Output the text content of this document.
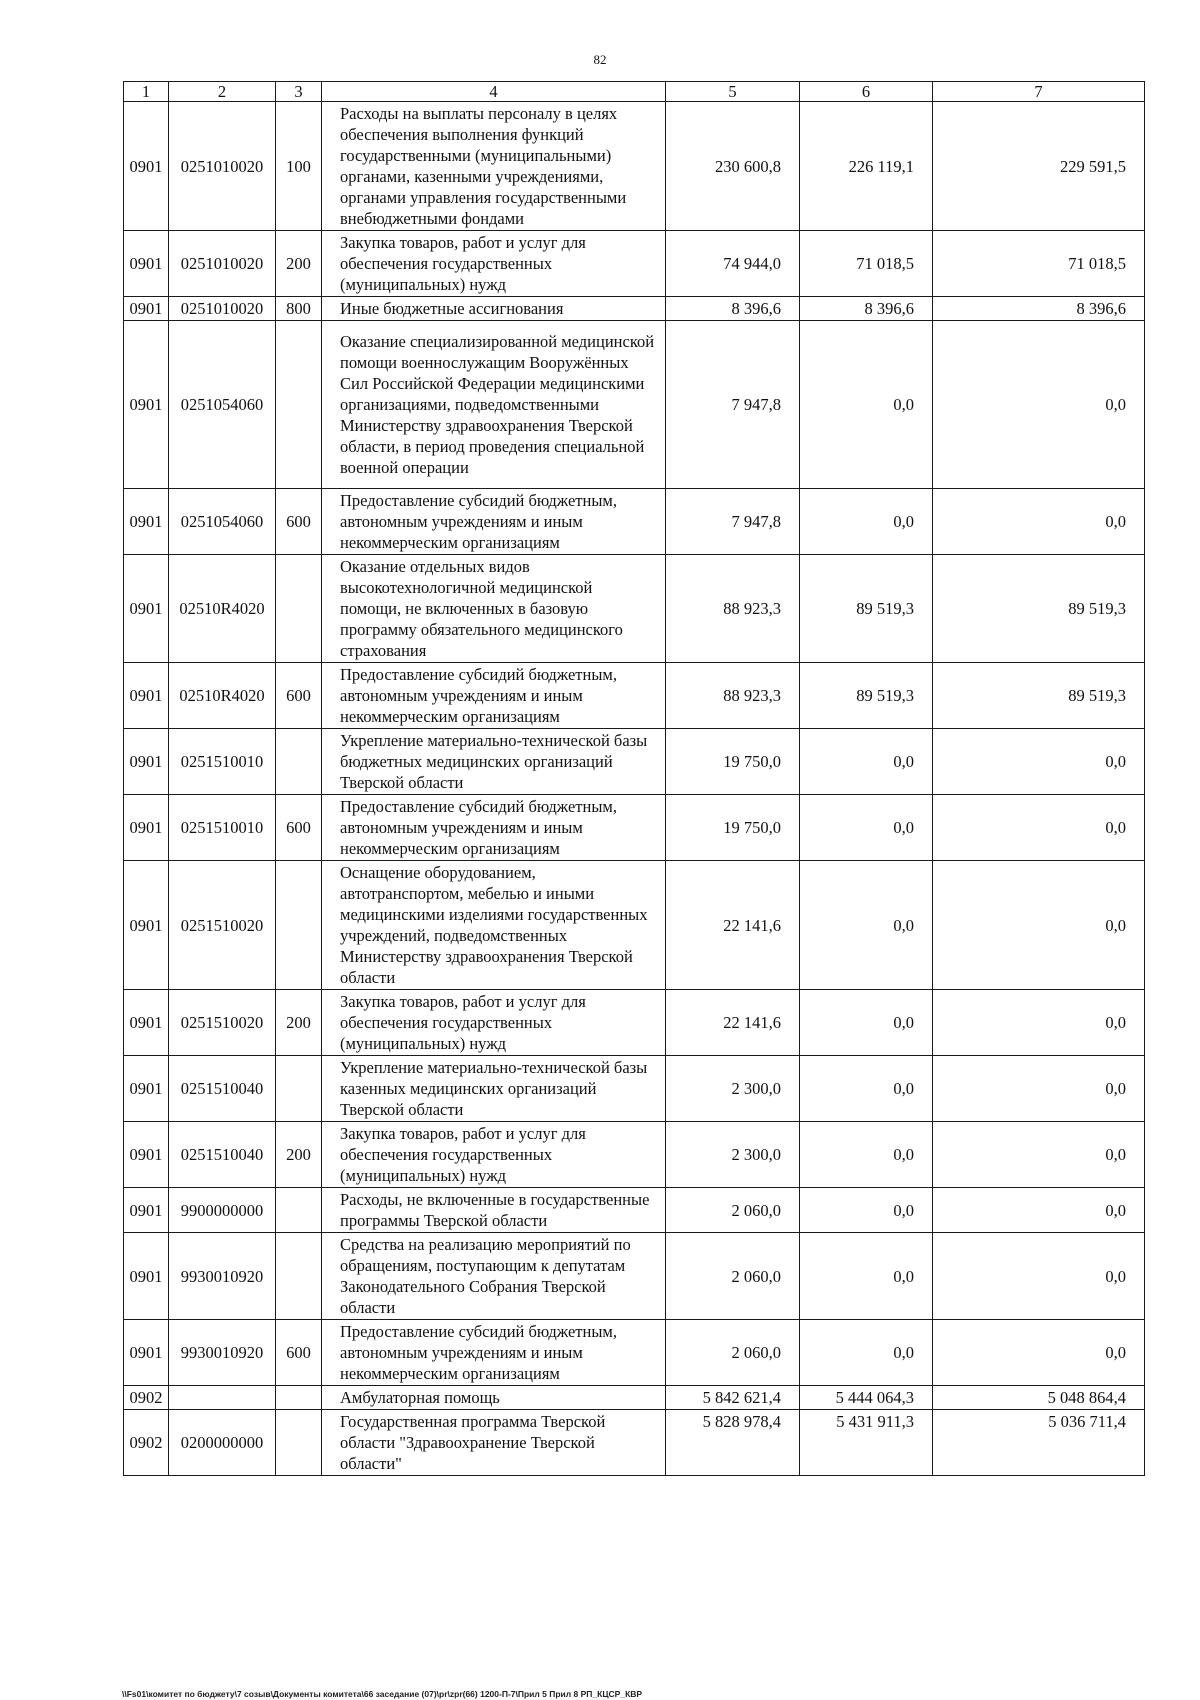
82
1	2	3	4	5	6	7
0901	0251010020	100	Расходы на выплаты персоналу в целях обеспечения выполнения функций государственными (муниципальными) органами, казенными учреждениями, органами управления государственными внебюджетными фондами	230 600,8	226 119,1	229 591,5
0901	0251010020	200	Закупка товаров, работ и услуг для обеспечения государственных (муниципальных) нужд	74 944,0	71 018,5	71 018,5
0901	0251010020	800	Иные бюджетные ассигнования	8 396,6	8 396,6	8 396,6
0901	0251054060		Оказание специализированной медицинской помощи военнослужащим Вооружённых Сил Российской Федерации медицинскими организациями, подведомственными Министерству здравоохранения Тверской области, в период проведения специальной военной операции	7 947,8	0,0	0,0
0901	0251054060	600	Предоставление субсидий бюджетным, автономным учреждениям и иным некоммерческим организациям	7 947,8	0,0	0,0
0901	02510R4020		Оказание отдельных видов высокотехнологичной медицинской помощи, не включенных в базовую программу обязательного медицинского страхования	88 923,3	89 519,3	89 519,3
0901	02510R4020	600	Предоставление субсидий бюджетным, автономным учреждениям и иным некоммерческим организациям	88 923,3	89 519,3	89 519,3
0901	0251510010		Укрепление материально-технической базы бюджетных медицинских организаций Тверской области	19 750,0	0,0	0,0
0901	0251510010	600	Предоставление субсидий бюджетным, автономным учреждениям и иным некоммерческим организациям	19 750,0	0,0	0,0
0901	0251510020		Оснащение оборудованием, автотранспортом, мебелью и иными медицинскими изделиями государственных учреждений, подведомственных Министерству здравоохранения Тверской области	22 141,6	0,0	0,0
0901	0251510020	200	Закупка товаров, работ и услуг для обеспечения государственных (муниципальных) нужд	22 141,6	0,0	0,0
0901	0251510040		Укрепление материально-технической базы казенных медицинских организаций Тверской области	2 300,0	0,0	0,0
0901	0251510040	200	Закупка товаров, работ и услуг для обеспечения государственных (муниципальных) нужд	2 300,0	0,0	0,0
0901	9900000000		Расходы, не включенные в государственные программы Тверской области	2 060,0	0,0	0,0
0901	9930010920		Средства на реализацию мероприятий по обращениям, поступающим к депутатам Законодательного Собрания Тверской области	2 060,0	0,0	0,0
0901	9930010920	600	Предоставление субсидий бюджетным, автономным учреждениям и иным некоммерческим организациям	2 060,0	0,0	0,0
0902			Амбулаторная помощь	5 842 621,4	5 444 064,3	5 048 864,4
0902	0200000000		Государственная программа Тверской области "Здравоохранение Тверской области"	5 828 978,4	5 431 911,3	5 036 711,4
\\Fs01\комитет по бюджету\7 созыв\Документы комитета\66 заседание (07)\pr\zpr(66) 1200-П-7\Прил 5 Прил 8 РП_КЦСР_КВР
